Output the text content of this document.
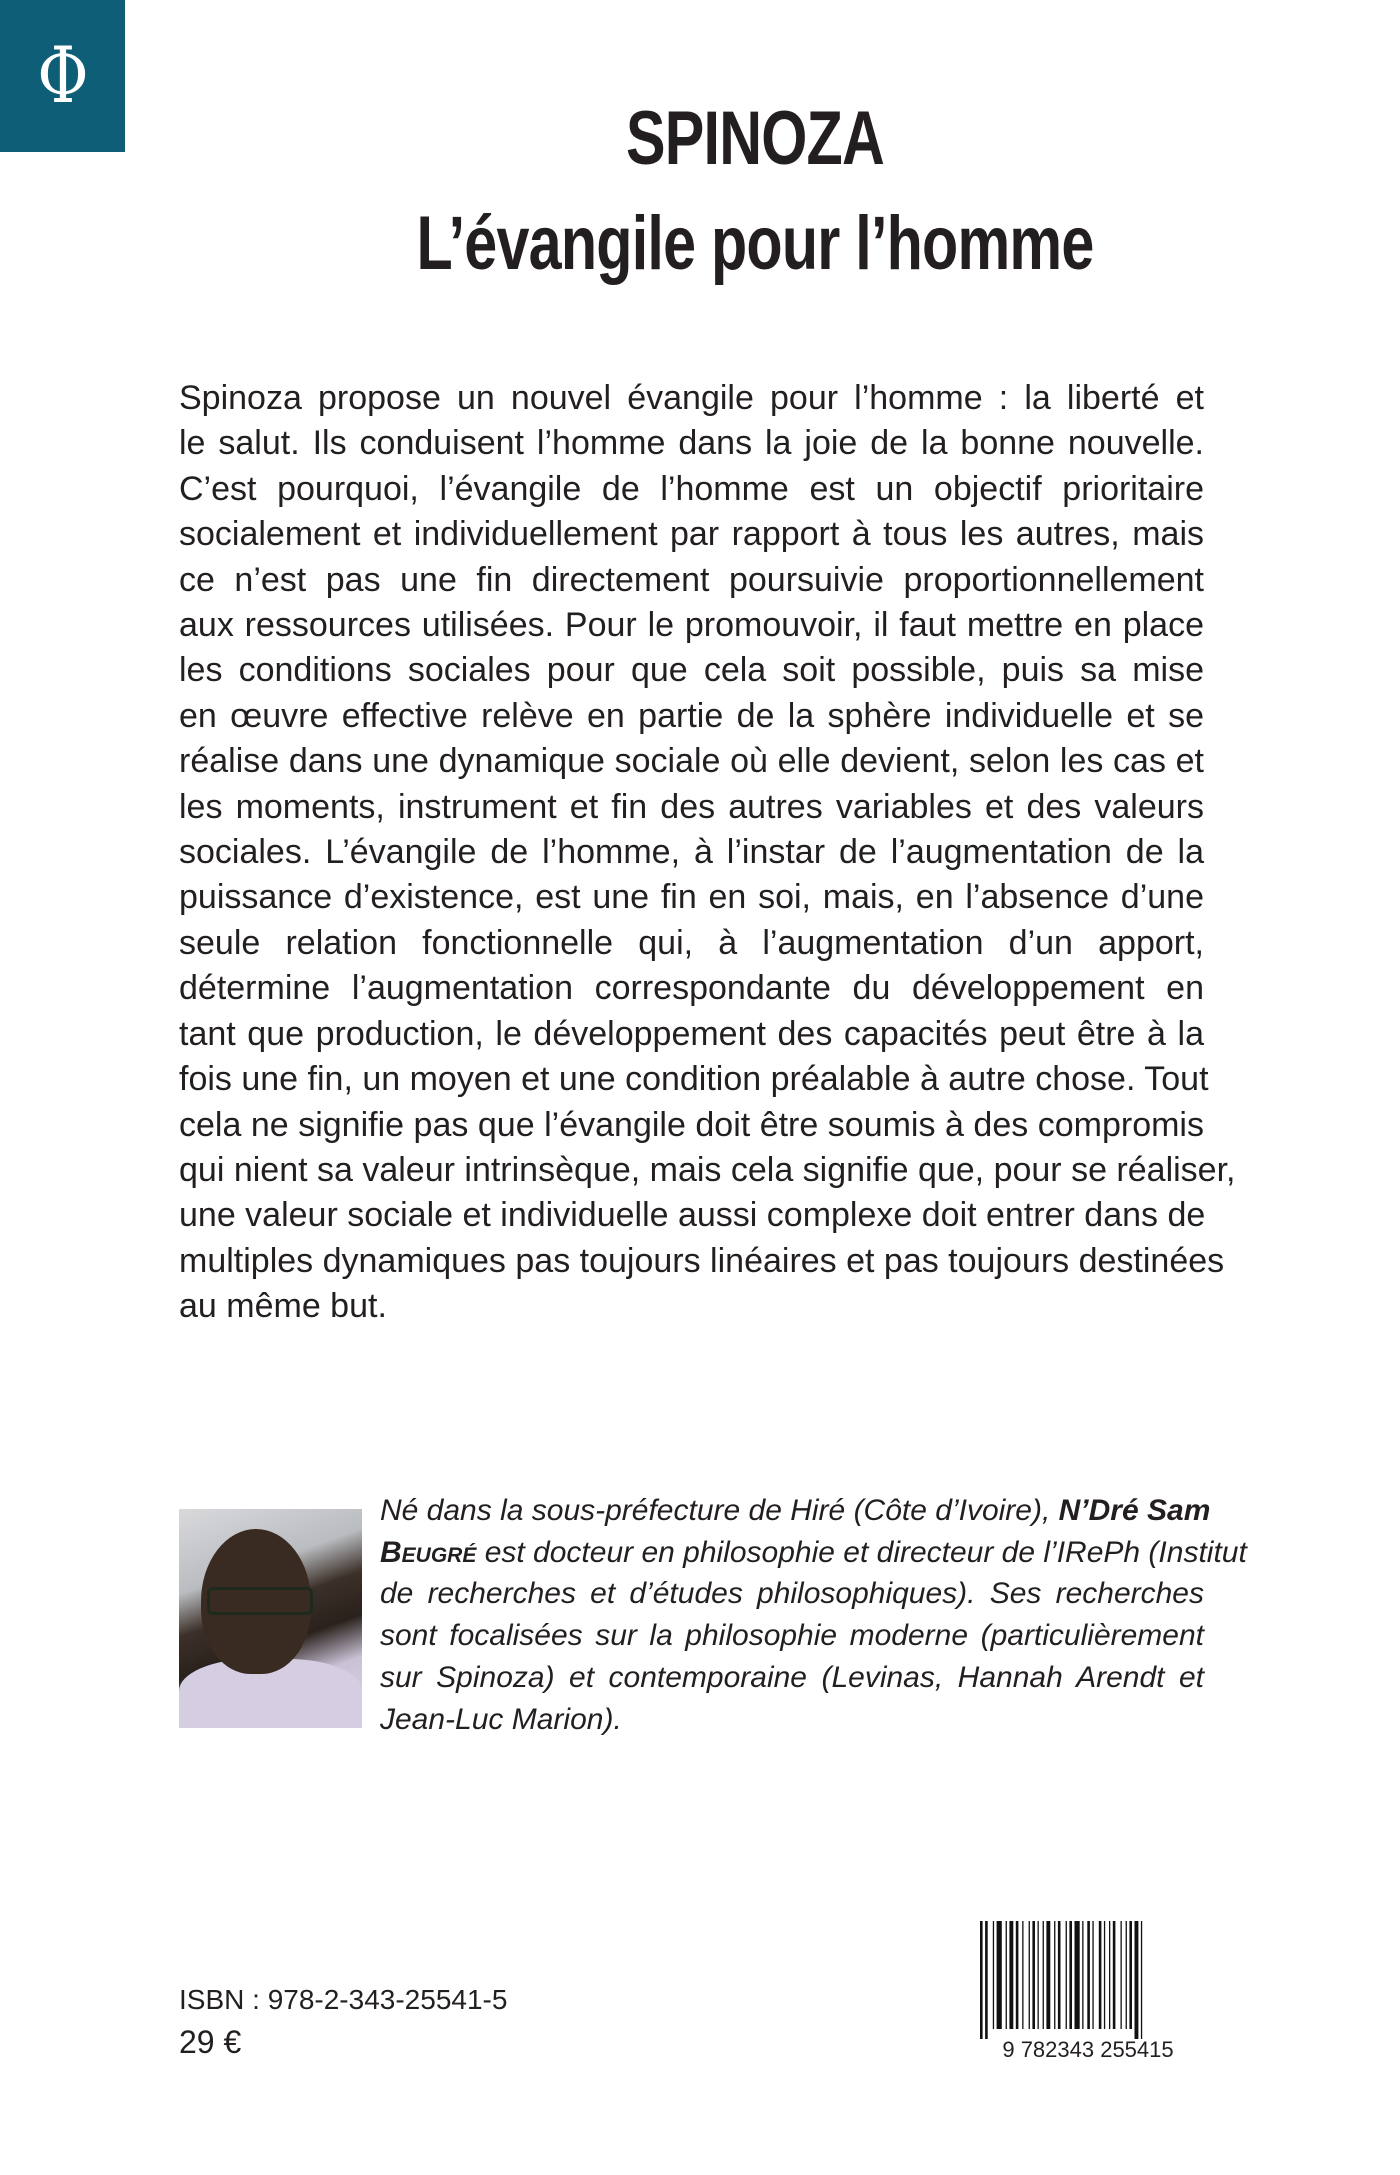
Φ
SPINOZA
L’évangile pour l’homme
Spinoza propose un nouvel évangile pour l’homme : la liberté et
le salut. Ils conduisent l’homme dans la joie de la bonne nouvelle.
C’est pourquoi, l’évangile de l’homme est un objectif prioritaire
socialement et individuellement par rapport à tous les autres, mais
ce n’est pas une fin directement poursuivie proportionnellement
aux ressources utilisées. Pour le promouvoir, il faut mettre en place
les conditions sociales pour que cela soit possible, puis sa mise
en œuvre effective relève en partie de la sphère individuelle et se
réalise dans une dynamique sociale où elle devient, selon les cas et
les moments, instrument et fin des autres variables et des valeurs
sociales. L’évangile de l’homme, à l’instar de l’augmentation de la
puissance d’existence, est une fin en soi, mais, en l’absence d’une
seule relation fonctionnelle qui, à l’augmentation d’un apport,
détermine l’augmentation correspondante du développement en
tant que production, le développement des capacités peut être à la
fois une fin, un moyen et une condition préalable à autre chose. Tout
cela ne signifie pas que l’évangile doit être soumis à des compromis
qui nient sa valeur intrinsèque, mais cela signifie que, pour se réaliser,
une valeur sociale et individuelle aussi complexe doit entrer dans de
multiples dynamiques pas toujours linéaires et pas toujours destinées
au même but.
Né dans la sous-préfecture de Hiré (Côte d’Ivoire), N’Dré Sam
Beugré est docteur en philosophie et directeur de l’IRePh (Institut
de recherches et d’études philosophiques). Ses recherches
sont focalisées sur la philosophie moderne (particulièrement
sur Spinoza) et contemporaine (Levinas, Hannah Arendt et
Jean-Luc Marion).
ISBN : 978-2-343-25541-5
29 €	9 782343 255415
